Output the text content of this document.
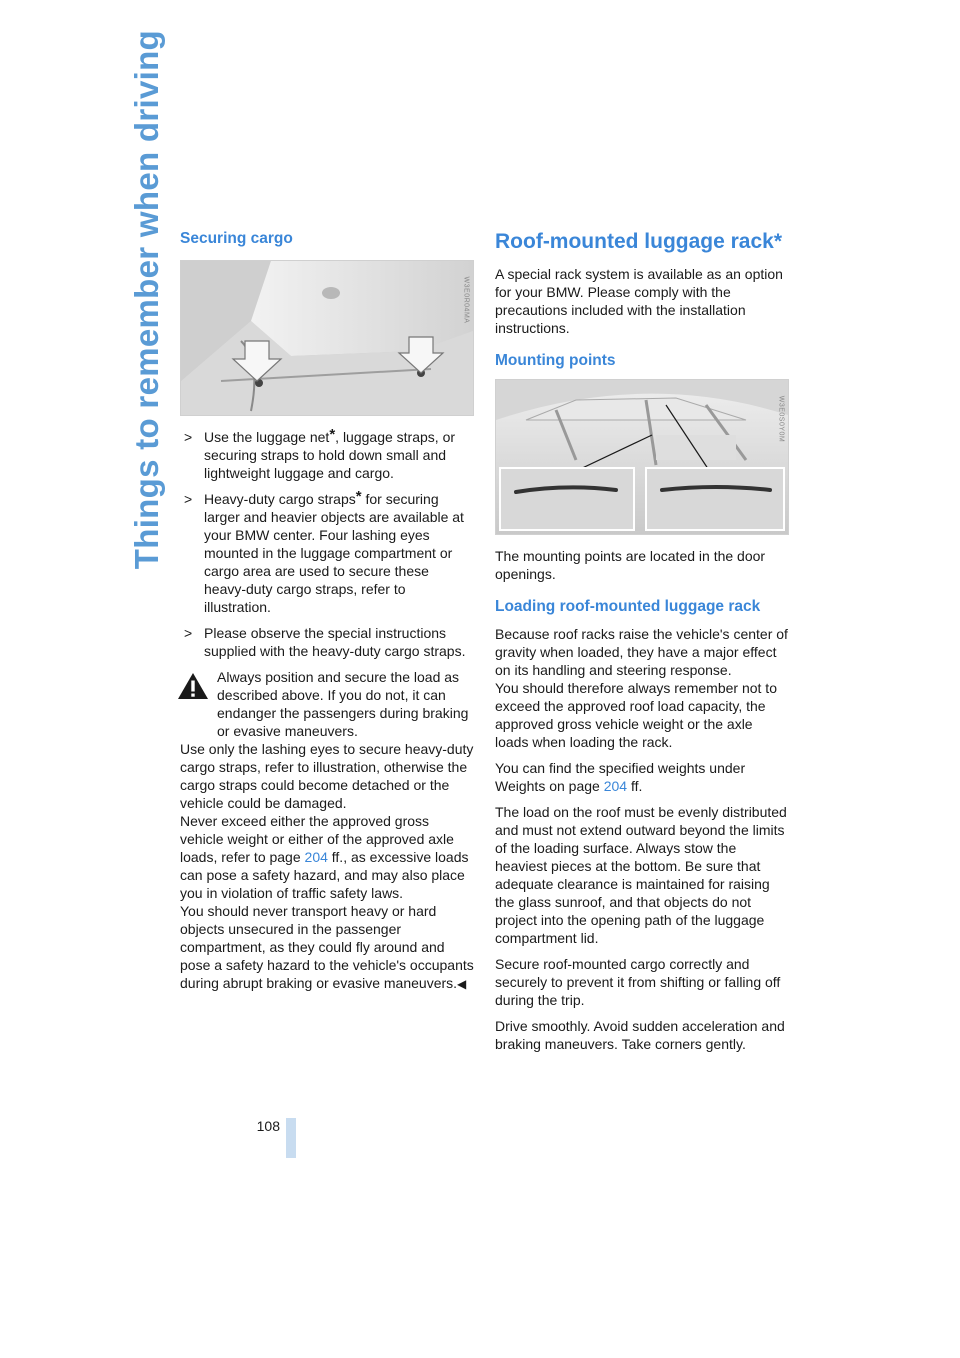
Things to remember when driving
108
Securing cargo
W3E0R04MA
> Use the luggage net*, luggage straps, or securing straps to hold down small and lightweight luggage and cargo.
> Heavy-duty cargo straps* for securing larger and heavier objects are available at your BMW center. Four lashing eyes mounted in the luggage compartment or cargo area are used to secure these heavy-duty cargo straps, refer to illustration.
> Please observe the special instructions supplied with the heavy-duty cargo straps.
Always position and secure the load as described above. If you do not, it can endanger the passengers during braking or evasive maneuvers.

Use only the lashing eyes to secure heavy-duty cargo straps, refer to illustration, otherwise the cargo straps could become detached or the vehicle could be damaged.

Never exceed either the approved gross vehicle weight or either of the approved axle loads, refer to page 204 ff., as excessive loads can pose a safety hazard, and may also place you in violation of traffic safety laws.

You should never transport heavy or hard objects unsecured in the passenger compartment, as they could fly around and pose a safety hazard to the vehicle's occupants during abrupt braking or evasive maneuvers.◀

Roof-mounted luggage rack*

A special rack system is available as an option for your BMW. Please comply with the precautions included with the installation instructions.

Mounting points
W3E0S0Y0M

The mounting points are located in the door openings.

Loading roof-mounted luggage rack

Because roof racks raise the vehicle's center of gravity when loaded, they have a major effect on its handling and steering response.

You should therefore always remember not to exceed the approved roof load capacity, the approved gross vehicle weight or the axle loads when loading the rack.

You can find the specified weights under Weights on page 204 ff.

The load on the roof must be evenly distributed and must not extend outward beyond the limits of the loading surface. Always stow the heaviest pieces at the bottom. Be sure that adequate clearance is maintained for raising the glass sunroof, and that objects do not project into the opening path of the luggage compartment lid.

Secure roof-mounted cargo correctly and securely to prevent it from shifting or falling off during the trip.

Drive smoothly. Avoid sudden acceleration and braking maneuvers. Take corners gently.
